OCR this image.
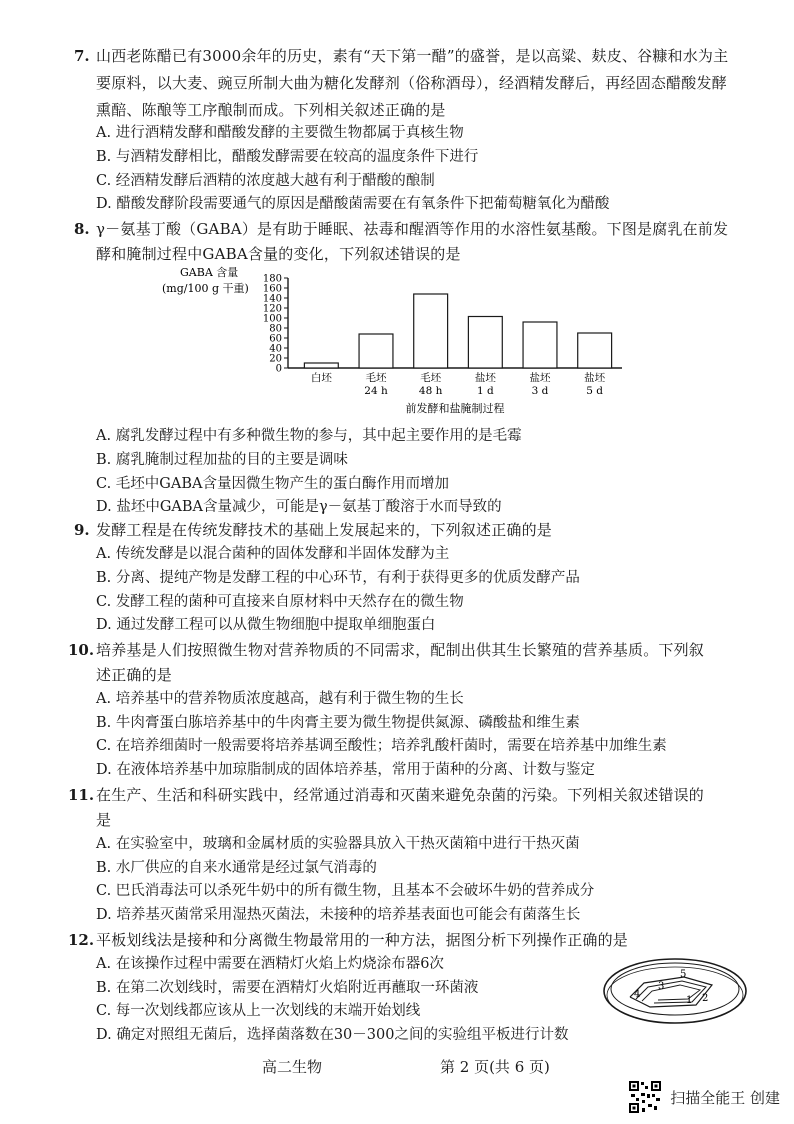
7. 山西老陈醋已有3000余年的历史，素有“天下第一醋”的盛誉，是以高粱、麸皮、谷糠和水为主
要原料，以大麦、豌豆所制大曲为糖化发酵剂（俗称酒母），经酒精发酵后，再经固态醋酸发酵
熏醅、陈酿等工序酿制而成。下列相关叙述正确的是
A. 进行酒精发酵和醋酸发酵的主要微生物都属于真核生物
B. 与酒精发酵相比，醋酸发酵需要在较高的温度条件下进行
C. 经酒精发酵后酒精的浓度越大越有利于醋酸的酿制
D. 醋酸发酵阶段需要通气的原因是醋酸菌需要在有氧条件下把葡萄糖氧化为醋酸
8. γ－氨基丁酸（GABA）是有助于睡眠、祛毒和醒酒等作用的水溶性氨基酸。下图是腐乳在前发
酵和腌制过程中GABA含量的变化，下列叙述错误的是
GABA 含量
(mg/100 g 干重)
0
20
40
60
80
100
120
140
160
180
白坯	毛坯
24 h
毛坯
48 h
盐坯
1 d
盐坯
3 d
盐坯
5 d
前发酵和盐腌制过程
A. 腐乳发酵过程中有多种微生物的参与，其中起主要作用的是毛霉
B. 腐乳腌制过程加盐的目的主要是调味
C. 毛坯中GABA含量因微生物产生的蛋白酶作用而增加
D. 盐坯中GABA含量减少，可能是γ－氨基丁酸溶于水而导致的
9. 发酵工程是在传统发酵技术的基础上发展起来的，下列叙述正确的是
A. 传统发酵是以混合菌种的固体发酵和半固体发酵为主
B. 分离、提纯产物是发酵工程的中心环节，有利于获得更多的优质发酵产品
C. 发酵工程的菌种可直接来自原材料中天然存在的微生物
D. 通过发酵工程可以从微生物细胞中提取单细胞蛋白
10. 培养基是人们按照微生物对营养物质的不同需求，配制出供其生长繁殖的营养基质。下列叙
述正确的是
A. 培养基中的营养物质浓度越高，越有利于微生物的生长
B. 牛肉膏蛋白胨培养基中的牛肉膏主要为微生物提供氮源、磷酸盐和维生素
C. 在培养细菌时一般需要将培养基调至酸性；培养乳酸杆菌时，需要在培养基中加维生素
D. 在液体培养基中加琼脂制成的固体培养基，常用于菌种的分离、计数与鉴定
11. 在生产、生活和科研实践中，经常通过消毒和灭菌来避免杂菌的污染。下列相关叙述错误的
是
A. 在实验室中，玻璃和金属材质的实验器具放入干热灭菌箱中进行干热灭菌
B. 水厂供应的自来水通常是经过氯气消毒的
C. 巴氏消毒法可以杀死牛奶中的所有微生物，且基本不会破坏牛奶的营养成分
D. 培养基灭菌常采用湿热灭菌法，未接种的培养基表面也可能会有菌落生长
12. 平板划线法是接种和分离微生物最常用的一种方法，据图分析下列操作正确的是
A. 在该操作过程中需要在酒精灯火焰上灼烧涂布器6次
B. 在第二次划线时，需要在酒精灯火焰附近再蘸取一环菌液
C. 每一次划线都应该从上一次划线的末端开始划线
D. 确定对照组无菌后，选择菌落数在30－300之间的实验组平板进行计数
1 2
3
4
5
高二生物	第 2 页(共 6 页)
扫描全能王 创建
